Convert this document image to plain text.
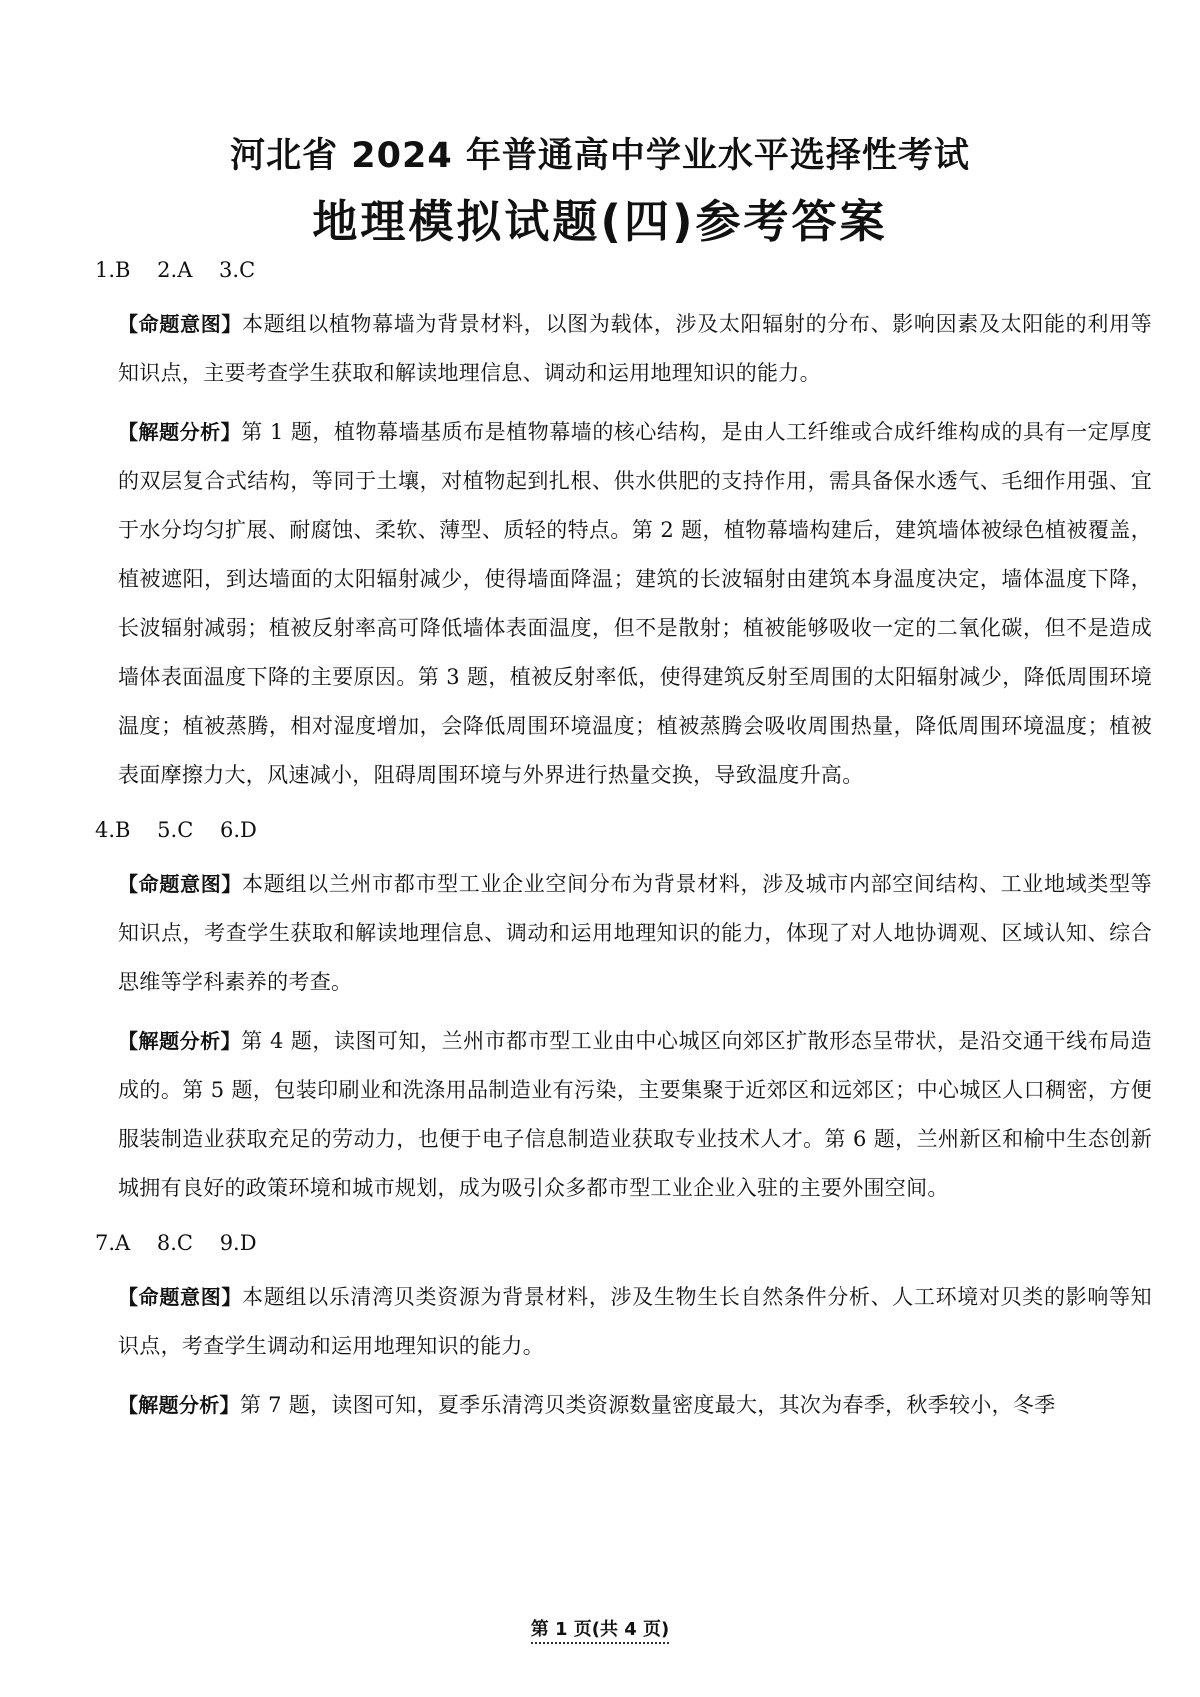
河北省 2024 年普通高中学业水平选择性考试
地理模拟试题(四)参考答案
1.B 2.A 3.C
【命题意图】本题组以植物幕墙为背景材料，以图为载体，涉及太阳辐射的分布、影响因素及太阳能的利用等知识点，主要考查学生获取和解读地理信息、调动和运用地理知识的能力。
【解题分析】第 1 题，植物幕墙基质布是植物幕墙的核心结构，是由人工纤维或合成纤维构成的具有一定厚度的双层复合式结构，等同于土壤，对植物起到扎根、供水供肥的支持作用，需具备保水透气、毛细作用强、宜于水分均匀扩展、耐腐蚀、柔软、薄型、质轻的特点。第 2 题，植物幕墙构建后，建筑墙体被绿色植被覆盖，植被遮阳，到达墙面的太阳辐射减少，使得墙面降温；建筑的长波辐射由建筑本身温度决定，墙体温度下降，长波辐射减弱；植被反射率高可降低墙体表面温度，但不是散射；植被能够吸收一定的二氧化碳，但不是造成墙体表面温度下降的主要原因。第 3 题，植被反射率低，使得建筑反射至周围的太阳辐射减少，降低周围环境温度；植被蒸腾，相对湿度增加，会降低周围环境温度；植被蒸腾会吸收周围热量，降低周围环境温度；植被表面摩擦力大，风速减小，阻碍周围环境与外界进行热量交换，导致温度升高。
4.B 5.C 6.D
【命题意图】本题组以兰州市都市型工业企业空间分布为背景材料，涉及城市内部空间结构、工业地域类型等知识点，考查学生获取和解读地理信息、调动和运用地理知识的能力，体现了对人地协调观、区域认知、综合思维等学科素养的考查。
【解题分析】第 4 题，读图可知，兰州市都市型工业由中心城区向郊区扩散形态呈带状，是沿交通干线布局造成的。第 5 题，包装印刷业和洗涤用品制造业有污染，主要集聚于近郊区和远郊区；中心城区人口稠密，方便服装制造业获取充足的劳动力，也便于电子信息制造业获取专业技术人才。第 6 题，兰州新区和榆中生态创新城拥有良好的政策环境和城市规划，成为吸引众多都市型工业企业入驻的主要外围空间。
7.A 8.C 9.D
【命题意图】本题组以乐清湾贝类资源为背景材料，涉及生物生长自然条件分析、人工环境对贝类的影响等知识点，考查学生调动和运用地理知识的能力。
【解题分析】第 7 题，读图可知，夏季乐清湾贝类资源数量密度最大，其次为春季，秋季较小，冬季
第 1 页(共 4 页)
